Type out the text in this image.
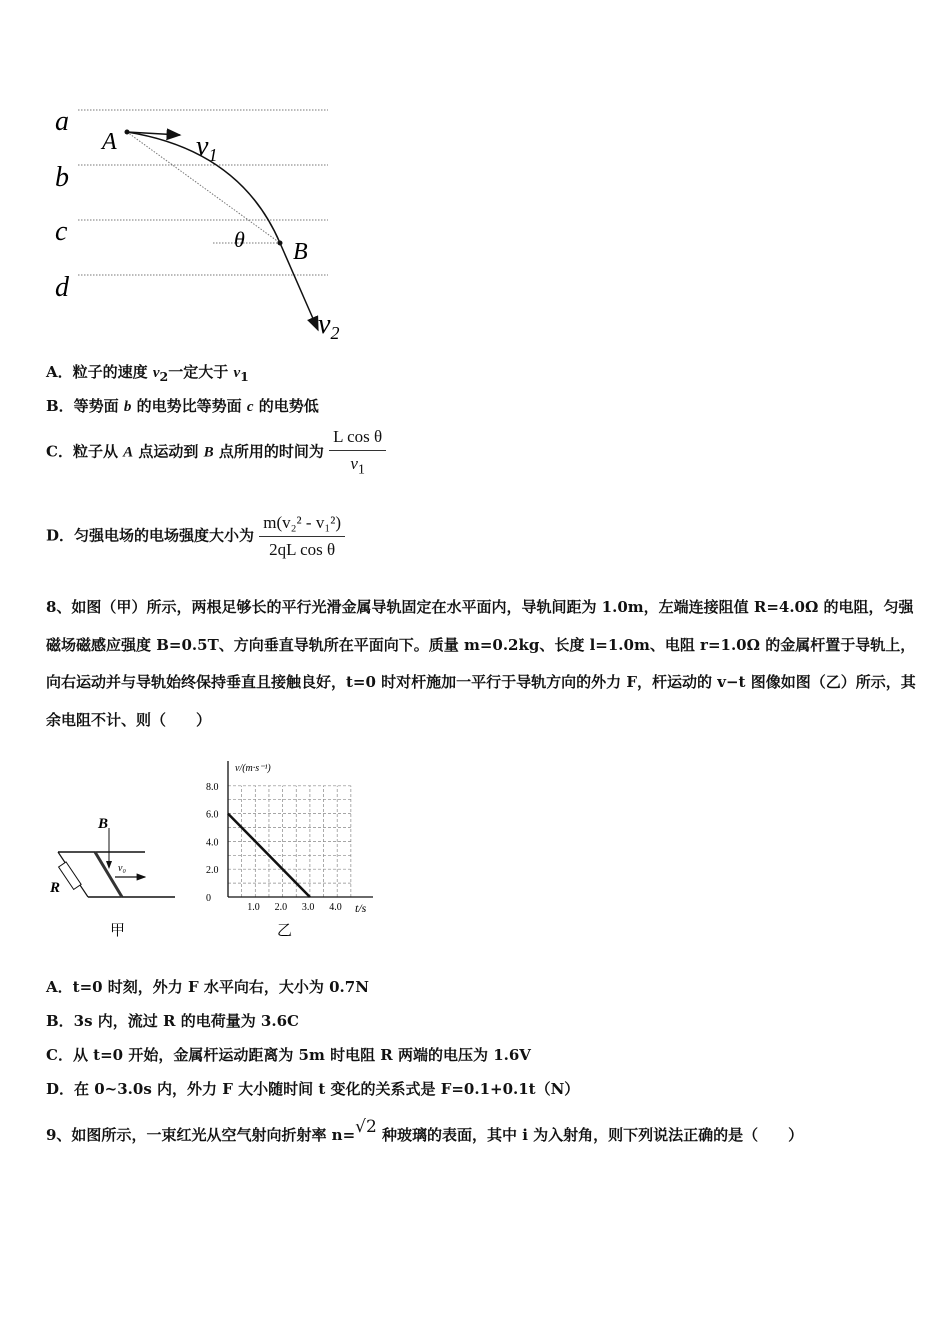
a
b
c
d
A
B
$v_1$
$v_2$
θ
A．粒子的速度 $v_2$一定大于 $v_1$
B．等势面 b 的电势比等势面 c 的电势低
C．粒子从 A 点运动到 B 点所用的时间为 $\frac{\text{L cos θ}}{v_1}$
D．匀强电场的电场强度大小为 $\frac{\text{m(v₂² - v₁²)}}{\text{2qL cos θ}}$
8、如图（甲）所示，两根足够长的平行光滑金属导轨固定在水平面内，导轨间距为 1.0m，左端连接阻值 R=4.0Ω 的电阻，匀强磁场磁感应强度 B=0.5T、方向垂直导轨所在平面向下。质量 m=0.2kg、长度 l=1.0m、电阻 r=1.0Ω 的金属杆置于导轨上，向右运动并与导轨始终保持垂直且接触良好，t=0 时对杆施加一平行于导轨方向的外力 F，杆运动的 v−t 图像如图（乙）所示，其余电阻不计、则（　　）
B
R
v₀
甲
1.0 2.0 3.0 4.0
8.0
6.0
4.0
2.0
0
v/(m·s⁻¹)
t/s
乙
A．t=0 时刻，外力 F 水平向右，大小为 0.7N
B．3s 内，流过 R 的电荷量为 3.6C
C．从 t=0 开始，金属杆运动距离为 5m 时电阻 R 两端的电压为 1.6V
D．在 0~3.0s 内，外力 F 大小随时间 t 变化的关系式是 F=0.1+0.1t（N）
9、如图所示，一束红光从空气射向折射率 n=√2 种玻璃的表面，其中 i 为入射角，则下列说法正确的是（　　）
